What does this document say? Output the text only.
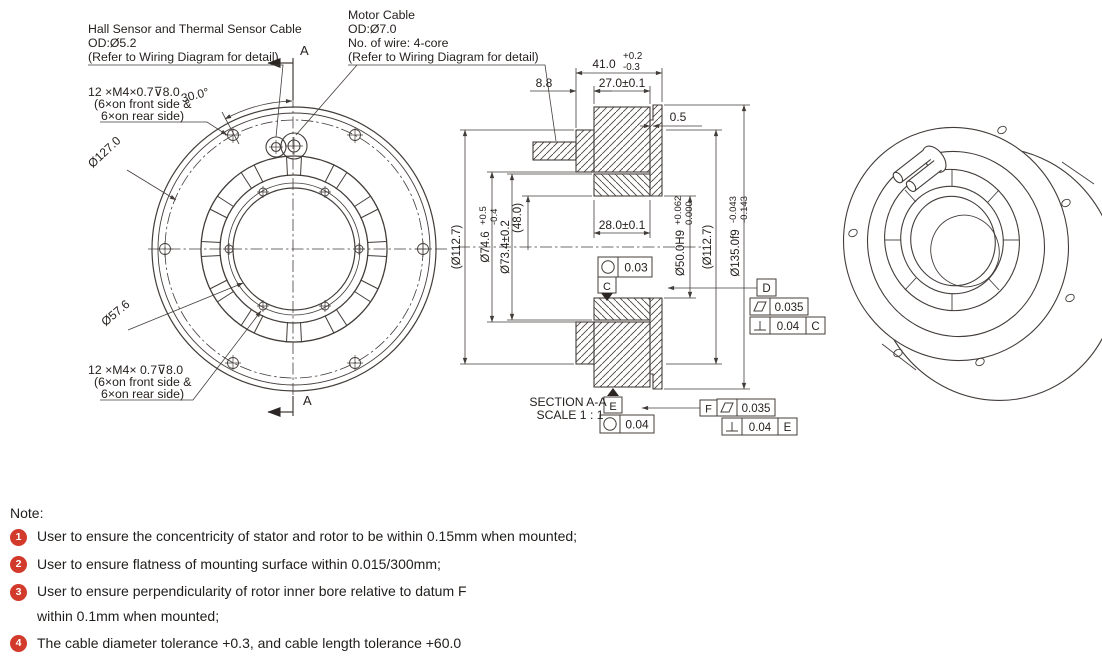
Hall Sensor and Thermal Sensor Cable
OD:Ø5.2
(Refer to Wiring Diagram for detail)
Motor Cable
OD:Ø7.0
No. of wire: 4-core
(Refer to Wiring Diagram for detail)
12 ×M4×0.7⊽8.0
(6×on front side &
6×on rear side)
12 ×M4× 0.7⊽8.0
(6×on front side &
6×on rear side)
A
A
30.0°
Ø127.0
Ø57.6
41.0
+0.2
-0.3
27.0±0.1
8.8
0.5
28.0±0.1
(Ø112.7) Ø74.6
+0.5 -0.4
Ø73.4±0.2
(48.0)
Ø50.0H9
+0.062 0.000
(Ø112.7) Ø135.0f9
-0.043 -0.143
SECTION A-A
SCALE 1 : 1
0.03
C	D
0.035
0.04 C
E
0.04
F	0.035
0.04 E
Note:
1	User to ensure the concentricity of stator and rotor to be within 0.15mm when mounted;
2	User to ensure flatness of mounting surface within 0.015/300mm;
3	User to ensure perpendicularity of rotor inner bore relative to datum F
within 0.1mm when mounted;
4	The cable diameter tolerance +0.3, and cable length tolerance +60.0
